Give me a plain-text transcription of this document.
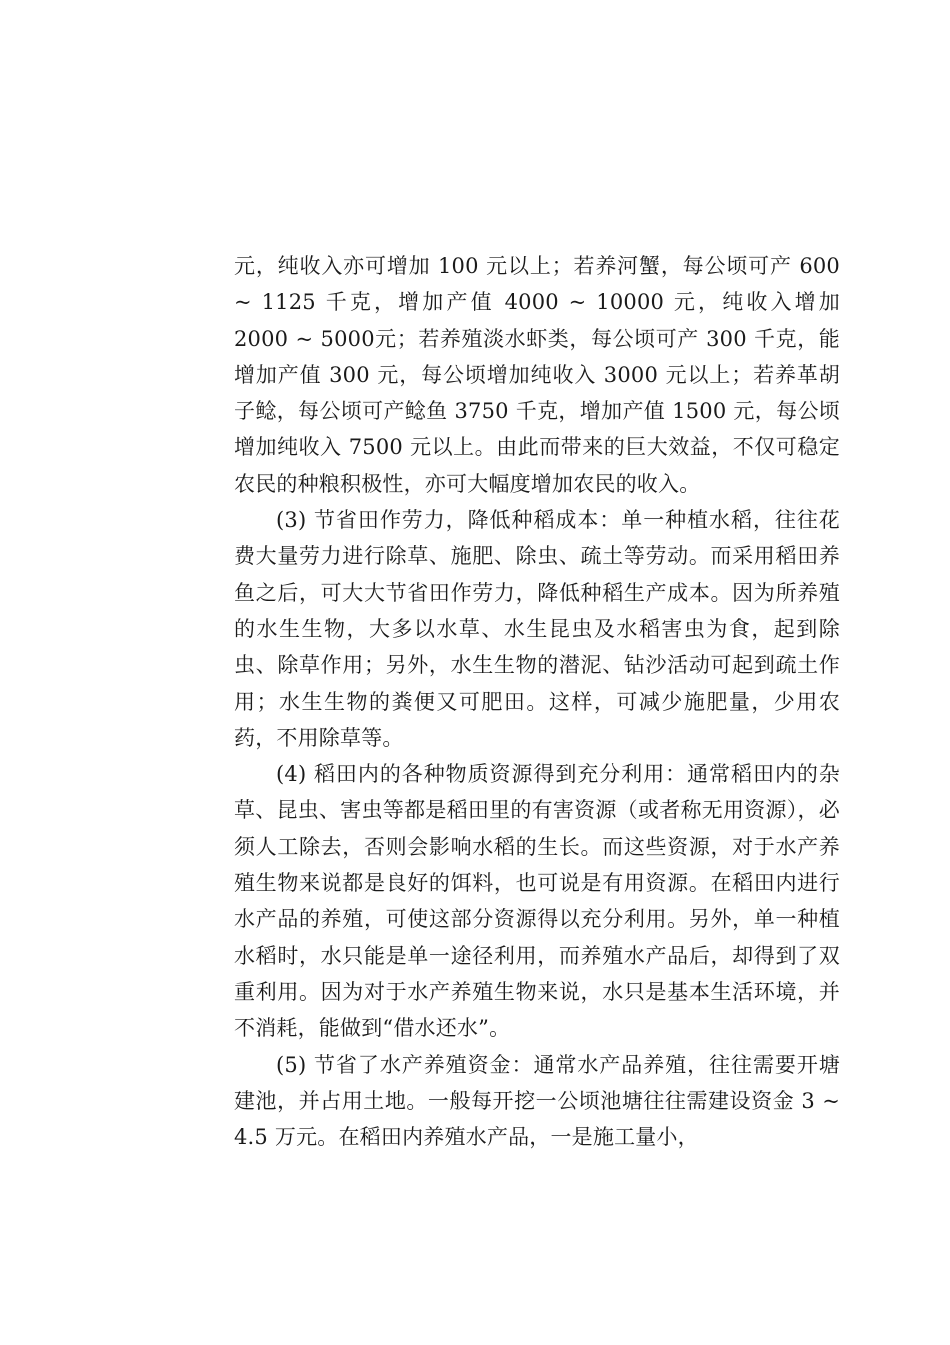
元，纯收入亦可增加 100 元以上；若养河蟹，每公顷可产 600 ~ 1125 千克，增加产值 4000 ~ 10000 元，纯收入增加 2000 ~ 5000元；若养殖淡水虾类，每公顷可产 300 千克，能增加产值 300 元，每公顷增加纯收入 3000 元以上；若养革胡子鲶，每公顷可产鲶鱼 3750 千克，增加产值 1500 元，每公顷增加纯收入 7500 元以上。由此而带来的巨大效益，不仅可稳定农民的种粮积极性，亦可大幅度增加农民的收入。

(3) 节省田作劳力，降低种稻成本：单一种植水稻，往往花费大量劳力进行除草、施肥、除虫、疏土等劳动。而采用稻田养鱼之后，可大大节省田作劳力，降低种稻生产成本。因为所养殖的水生生物，大多以水草、水生昆虫及水稻害虫为食，起到除虫、除草作用；另外，水生生物的潜泥、钻沙活动可起到疏土作用；水生生物的粪便又可肥田。这样，可减少施肥量，少用农药，不用除草等。

(4) 稻田内的各种物质资源得到充分利用：通常稻田内的杂草、昆虫、害虫等都是稻田里的有害资源（或者称无用资源），必须人工除去，否则会影响水稻的生长。而这些资源，对于水产养殖生物来说都是良好的饵料，也可说是有用资源。在稻田内进行水产品的养殖，可使这部分资源得以充分利用。另外，单一种植水稻时，水只能是单一途径利用，而养殖水产品后，却得到了双重利用。因为对于水产养殖生物来说，水只是基本生活环境，并不消耗，能做到“借水还水”。

(5) 节省了水产养殖资金：通常水产品养殖，往往需要开塘建池，并占用土地。一般每开挖一公顷池塘往往需建设资金 3 ~ 4.5 万元。在稻田内养殖水产品，一是施工量小，
